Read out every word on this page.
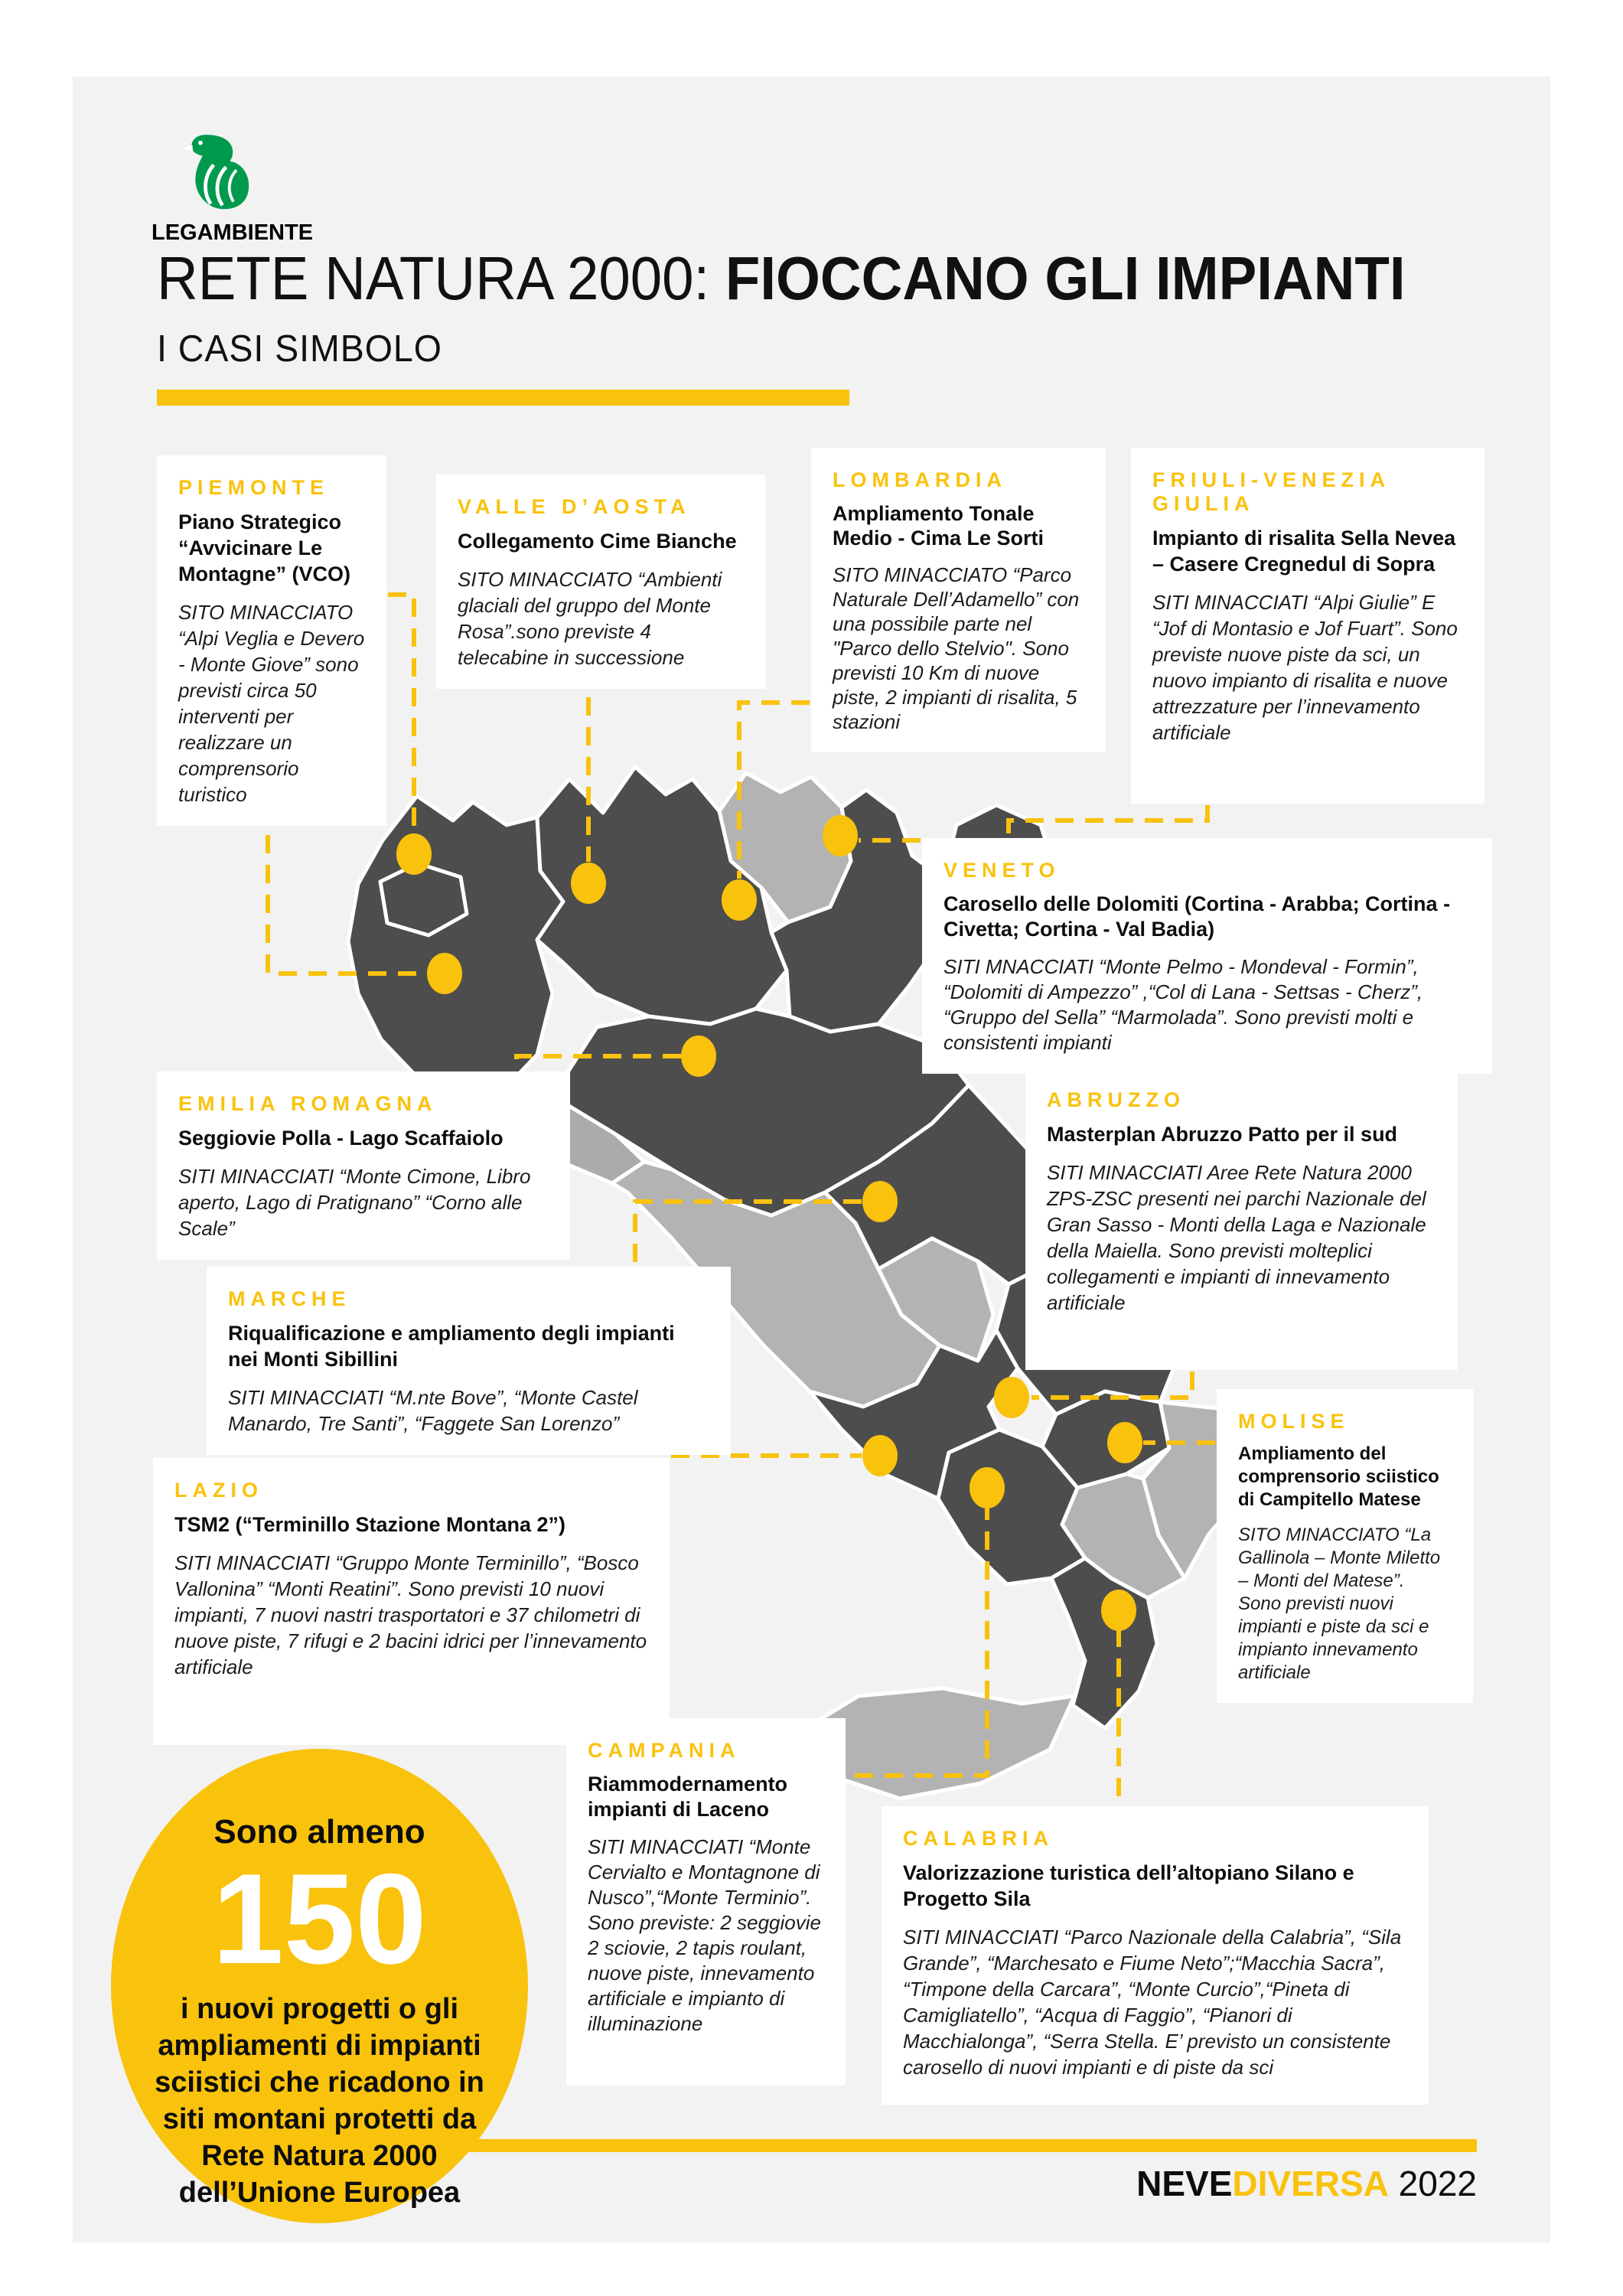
LEGAMBIENTE
RETE NATURA 2000: FIOCCANO GLI IMPIANTI
I CASI SIMBOLO
PIEMONTE

Piano Strategico “Avvicinare Le Montagne” (VCO)

SITO MINACCIATO “Alpi Veglia e Devero - Monte Giove” sono previsti circa 50 interventi per realizzare un comprensorio turistico

VALLE D’AOSTA

Collegamento Cime Bianche

SITO MINACCIATO “Ambienti glaciali del gruppo del Monte Rosa”.sono previste 4 telecabine in successione

LOMBARDIA

Ampliamento Tonale Medio - Cima Le Sorti

SITO MINACCIATO “Parco Naturale Dell’Adamello” con una possibile parte nel "Parco dello Stelvio". Sono previsti 10 Km di nuove piste, 2 impianti di risalita, 5 stazioni

FRIULI-VENEZIA GIULIA

Impianto di risalita Sella Nevea – Casere Cregnedul di Sopra

SITI MINACCIATI “Alpi Giulie” E “Jof di Montasio e Jof Fuart”. Sono previste nuove piste da sci, un nuovo impianto di risalita e nuove attrezzature per l’innevamento artificiale

VENETO

Carosello delle Dolomiti (Cortina - Arabba; Cortina - Civetta; Cortina - Val Badia)

SITI MNACCIATI “Monte Pelmo - Mondeval - Formin”, “Dolomiti di Ampezzo” ,“Col di Lana - Settsas - Cherz”, “Gruppo del Sella” “Marmolada”. Sono previsti molti e consistenti impianti

EMILIA ROMAGNA

Seggiovie Polla - Lago Scaffaiolo

SITI MINACCIATI “Monte Cimone, Libro aperto, Lago di Pratignano” “Corno alle Scale”

MARCHE

Riqualificazione e ampliamento degli impianti nei Monti Sibillini

SITI MINACCIATI “M.nte Bove”, “Monte Castel Manardo, Tre Santi”, “Faggete San Lorenzo”

LAZIO

TSM2 (“Terminillo Stazione Montana 2”)

SITI MINACCIATI “Gruppo Monte Terminillo”, “Bosco Vallonina” “Monti Reatini”. Sono previsti 10 nuovi impianti, 7 nuovi nastri trasportatori e 37 chilometri di nuove piste, 7 rifugi e 2 bacini idrici per l’innevamento artificiale

ABRUZZO

Masterplan Abruzzo Patto per il sud

SITI MINACCIATI Aree Rete Natura 2000 ZPS-ZSC presenti nei parchi Nazionale del Gran Sasso - Monti della Laga e Nazionale della Maiella. Sono previsti molteplici collegamenti e impianti di innevamento artificiale

MOLISE

Ampliamento del comprensorio sciistico di Campitello Matese

SITO MINACCIATO “La Gallinola – Monte Miletto – Monti del Matese”. Sono previsti nuovi impianti e piste da sci e impianto innevamento artificiale

CAMPANIA

Riammodernamento impianti di Laceno

SITI MINACCIATI “Monte Cervialto e Montagnone di Nusco”,“Monte Terminio”. Sono previste: 2 seggiovie 2 sciovie, 2 tapis roulant, nuove piste, innevamento artificiale e impianto di illuminazione

CALABRIA

Valorizzazione turistica dell’altopiano Silano e Progetto Sila

SITI MINACCIATI “Parco Nazionale della Calabria”, “Sila Grande”, “Marchesato e Fiume Neto”;“Macchia Sacra”, “Timpone della Carcara”, “Monte Curcio”,“Pineta di Camigliatello”, “Acqua di Faggio”, “Pianori di Macchialonga”, “Serra Stella. E’ previsto un consistente carosello di nuovi impianti e di piste da sci

Sono almeno
150
i nuovi progetti o gli ampliamenti di impianti sciistici che ricadono in siti montani protetti da Rete Natura 2000 dell’Unione Europea	NEVEDIVERSA 2022
